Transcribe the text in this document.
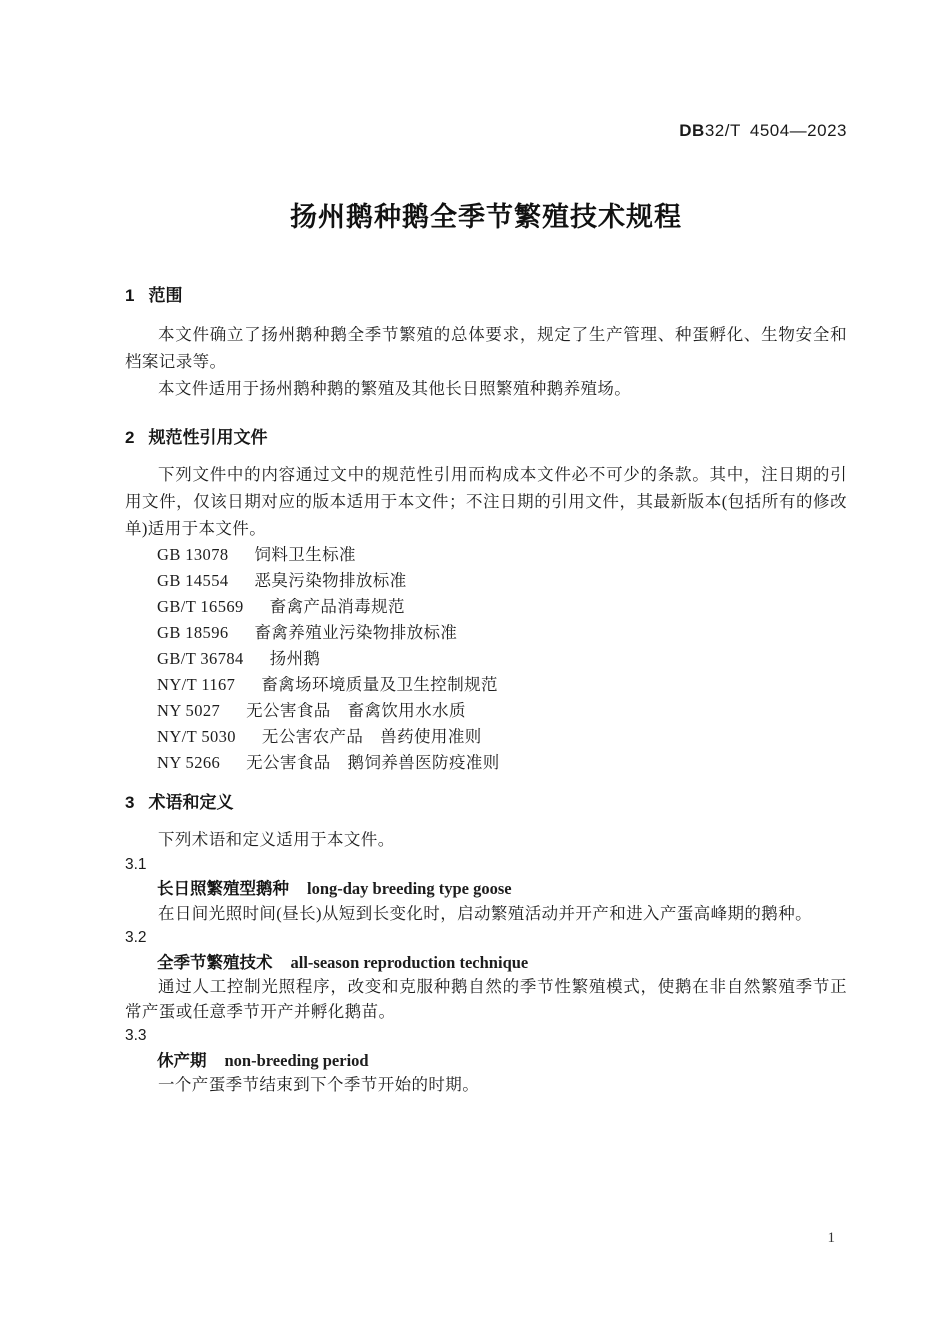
DB32/T 4504—2023
扬州鹅种鹅全季节繁殖技术规程
1 范围

本文件确立了扬州鹅种鹅全季节繁殖的总体要求，规定了生产管理、种蛋孵化、生物安全和档案记录等。

本文件适用于扬州鹅种鹅的繁殖及其他长日照繁殖种鹅养殖场。

2 规范性引用文件

下列文件中的内容通过文中的规范性引用而构成本文件必不可少的条款。其中，注日期的引用文件，仅该日期对应的版本适用于本文件；不注日期的引用文件，其最新版本(包括所有的修改单)适用于本文件。

GB 13078 饲料卫生标准
GB 14554 恶臭污染物排放标准
GB/T 16569 畜禽产品消毒规范
GB 18596 畜禽养殖业污染物排放标准
GB/T 36784 扬州鹅
NY/T 1167 畜禽场环境质量及卫生控制规范
NY 5027 无公害食品　畜禽饮用水水质
NY/T 5030 无公害农产品　兽药使用准则
NY 5266 无公害食品　鹅饲养兽医防疫准则
3 术语和定义

下列术语和定义适用于本文件。

3.1
长日照繁殖型鹅种 long-day breeding type goose

在日间光照时间(昼长)从短到长变化时，启动繁殖活动并开产和进入产蛋高峰期的鹅种。

3.2
全季节繁殖技术 all-season reproduction technique

通过人工控制光照程序，改变和克服种鹅自然的季节性繁殖模式，使鹅在非自然繁殖季节正常产蛋或任意季节开产并孵化鹅苗。

3.3
休产期 non-breeding period

一个产蛋季节结束到下个季节开始的时期。

1
